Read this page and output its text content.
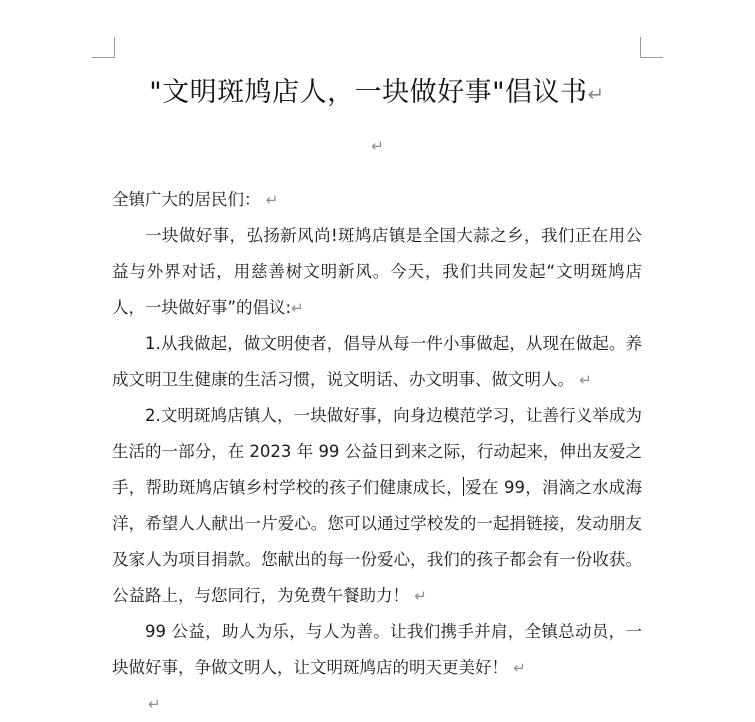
"文明斑鸠店人，一块做好事"倡议书↵
↵

全镇广大的居民们： ↵

一块做好事，弘扬新风尚!斑鸠店镇是全国大蒜之乡，我们正在用公益与外界对话，用慈善树文明新风。今天，我们共同发起“文明斑鸠店人，一块做好事”的倡议:↵

1.从我做起，做文明使者，倡导从每一件小事做起，从现在做起。养成文明卫生健康的生活习惯，说文明话、办文明事、做文明人。 ↵

2.文明斑鸠店镇人，一块做好事，向身边模范学习，让善行义举成为生活的一部分，在 2023 年 99 公益日到来之际，行动起来，伸出友爱之手，帮助斑鸠店镇乡村学校的孩子们健康成长， 爱在 99，涓滴之水成海洋，希望人人献出一片爱心。您可以通过学校发的一起捐链接，发动朋友及家人为项目捐款。您献出的每一份爱心，我们的孩子都会有一份收获。公益路上，与您同行，为免费午餐助力！ ↵

99 公益，助人为乐，与人为善。让我们携手并肩，全镇总动员，一块做好事，争做文明人，让文明斑鸠店的明天更美好！ ↵

↵
